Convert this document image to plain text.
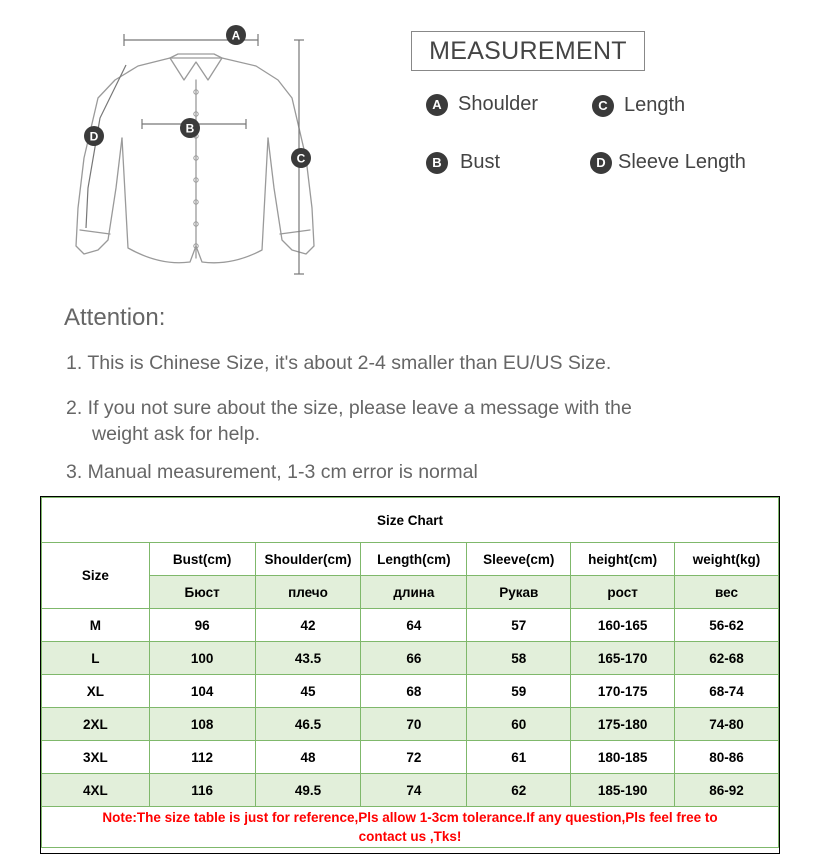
A
B
C
D
MEASUREMENT
A Shoulder	C Length
B Bust	D Sleeve Length
Attention:
1. This is Chinese Size, it's about 2-4 smaller than EU/US Size.
2. If you not sure about the size, please leave a message with the
weight ask for help.
3. Manual measurement, 1-3 cm error is normal
Size Chart						
Size	Bust(cm)	Shoulder(cm)	Length(cm)	Sleeve(cm)	height(cm)	weight(kg)
	Бюст	плечо	длина	Рукав	рост	вес
M	96	42	64	57	160-165	56-62
L	100	43.5	66	58	165-170	62-68
XL	104	45	68	59	170-175	68-74
2XL	108	46.5	70	60	175-180	74-80
3XL	112	48	72	61	180-185	80-86
4XL	116	49.5	74	62	185-190	86-92
Note:The size table is just for reference,Pls allow 1-3cm tolerance.If any question,Pls feel free to
contact us ,Tks!						
